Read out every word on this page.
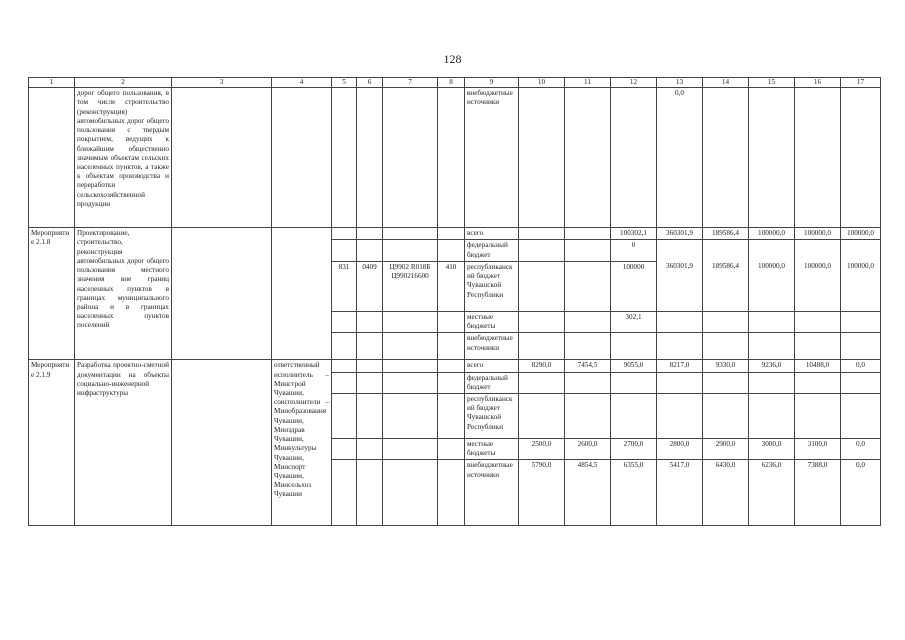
128
1	2	3	4	5	6	7	8	9	10	11	12	13	14	15	16	17
	дорог общего пользования, в том числе строительство (реконструкция) автомобильных дорог общего пользования с твердым покрытием, ведущих к ближайшим общественно значимым объектам сельских населенных пунктов, а также к объектам производства и переработки сельскохозяйственной продукции							внебюджетные источники				0,0				
Мероприятие 2.1.8	Проектирование, строительство, реконструкция автомобильных дорог общего пользования местного значения вне границ населенных пунктов в границах муниципального района и в границах населенных пунктов поселений							всего			100302,1	360301,9	189586,4	100000,0	100000,0	100000,0
								федеральный бюджет			0					
				831	0409	Ц9902 R018Б Ц990216600	410	республиканский бюджет Чувашской Республики			100000	360301,9	189586,4	100000,0	100000,0	100000,0
								местные бюджеты			302,1					
								внебюджетные источники								
Мероприятие 2.1.9	Разработка проектно-сметной документации на объекты социально-инженерной инфраструктуры		ответственный исполнитель – Минстрой Чувашии, соисполнители – Минобразования Чувашии, Минздрав Чувашии, Минкультуры Чувашии, Минспорт Чувашии, Минсельхоз Чувашии					всего	8290,0	7454,5	9055,0	8217,0	9330,0	9236,0	10488,0	0,0
								федеральный бюджет								
								республиканский бюджет Чувашской Республики								
								местные бюджеты	2500,0	2600,0	2700,0	2800,0	2900,0	3000,0	3100,0	0,0
								внебюджетные источники	5790,0	4854,5	6355,0	5417,0	6430,0	6236,0	7388,0	0,0
